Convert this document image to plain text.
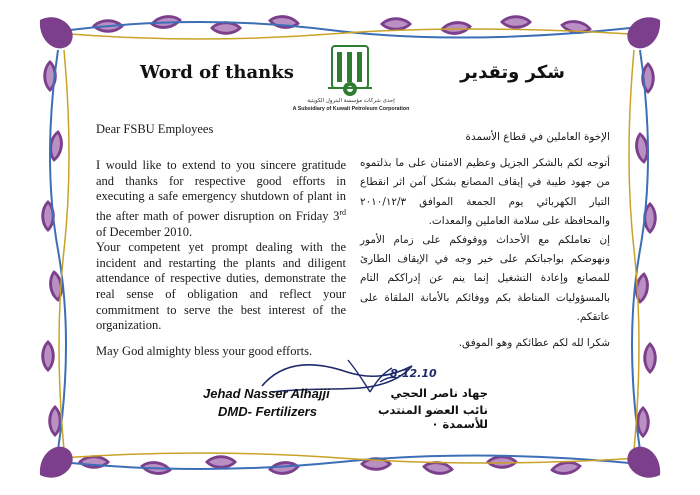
Word of thanks
إحدى شركات مؤسسة البترول الكويتية
A Subsidiary of Kuwait Petroleum Corporation
شكر وتقدير
Dear FSBU Employees

I would like to extend to you sincere gratitude and thanks for respective good efforts in executing a safe emergency shutdown of plant in the after math of power disruption on Friday 3rd of December 2010.

Your competent yet prompt dealing with the incident and restarting the plants and diligent attendance of respective duties, demonstrate the real sense of obligation and reflect your commitment to serve the best interest of the organization.

May God almighty bless your good efforts.

الإخوة العاملين في قطاع الأسمدة

أتوجه لكم بالشكر الجزيل وعظيم الامتنان على ما بذلتموه من جهود طيبة في إيقاف المصانع بشكل آمن اثر انقطاع التيار الكهربائي يوم الجمعة الموافق ٢٠١٠/١٢/٣ والمحافظة على سلامة العاملين والمعدات.

إن تعاملكم مع الأحداث ووقوفكم على زمام الأمور ونهوضكم بواجباتكم على خير وجه في الإيقاف الطارئ للمصانع وإعادة التشغيل إنما ينم عن إدراككم التام بالمسؤوليات المناطة بكم ووفائكم بالأمانة الملقاة على عاتقكم.

شكرا لله لكم عطائكم وهو الموفق.
8.12.10
Jehad Nasser Alhajji
DMD- Fertilizers
جهاد ناصر الحجي
نائب العضو المنتدب للأسمدة ٠
